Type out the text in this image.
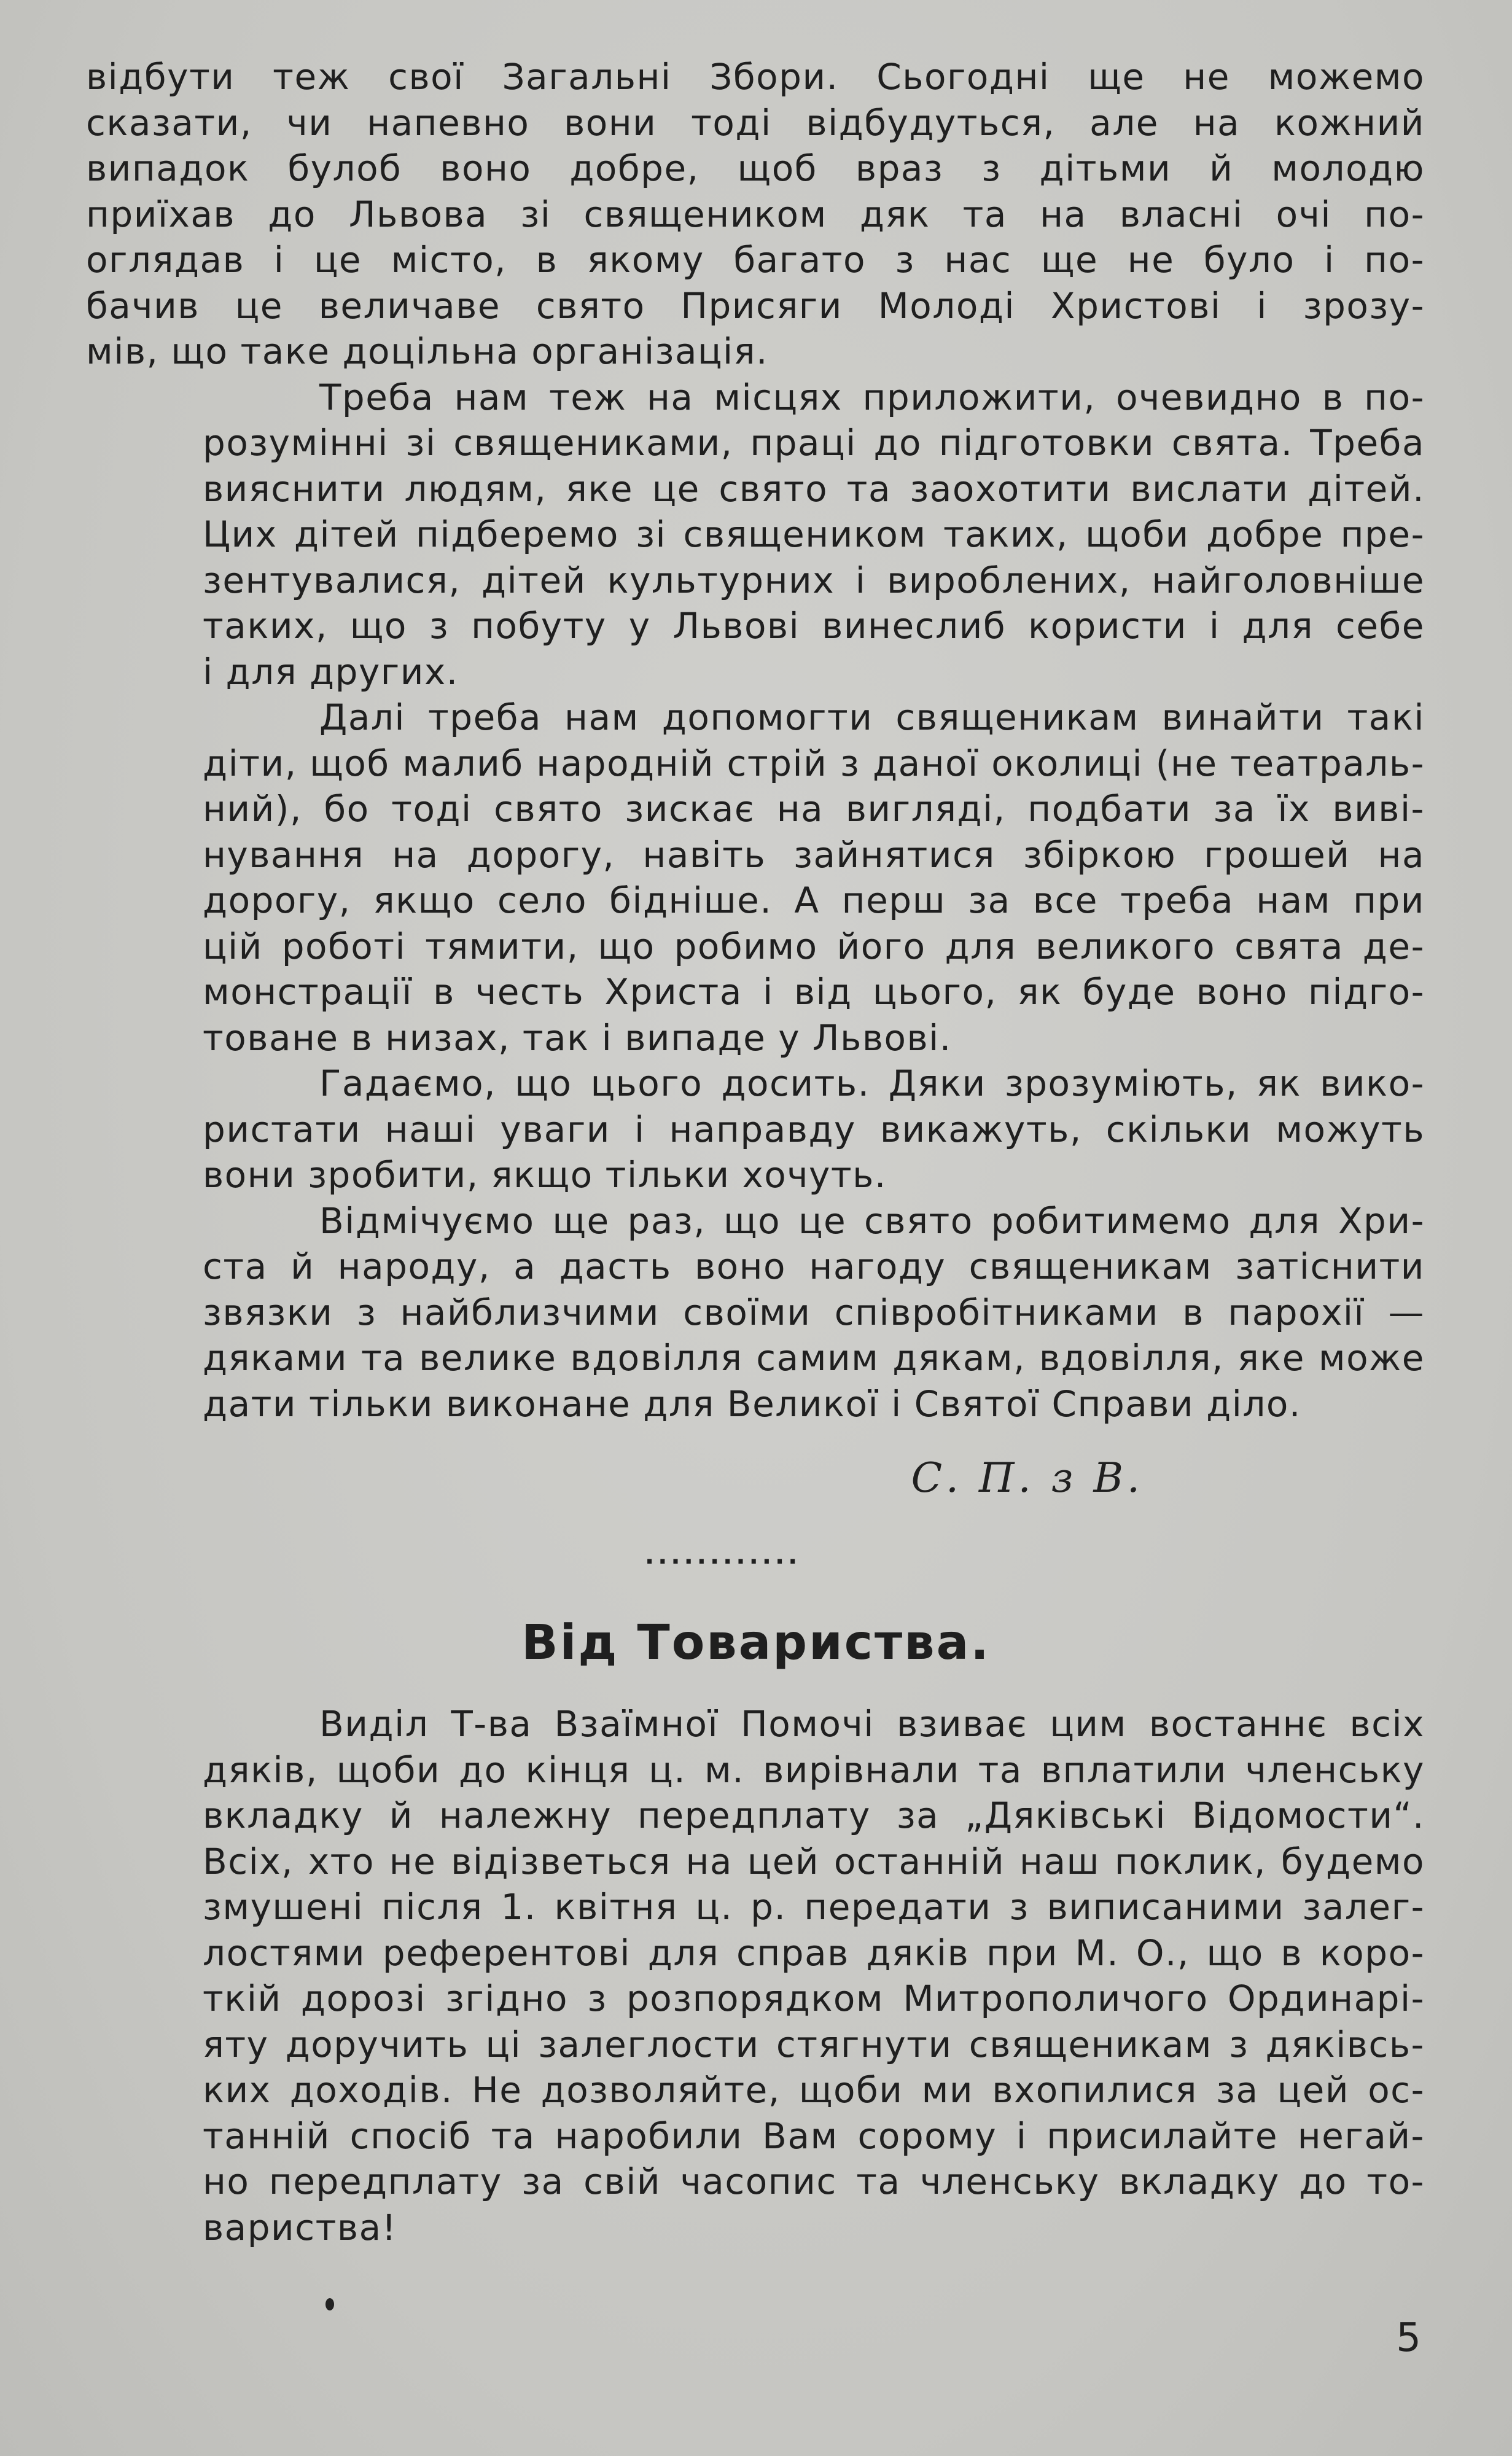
відбути теж свої Загальні Збори. Сьогодні ще не можемо
сказати, чи напевно вони тоді відбудуться, але на кожний
випадок булоб воно добре, щоб враз з дітьми й молодю
приїхав до Львова зі священиком дяк та на власні очі по-
оглядав і це місто, в якому багато з нас ще не було і по-
бачив це величаве свято Присяги Молоді Христові і зрозу-
мів, що таке доцільна організація.

Треба нам теж на місцях приложити, очевидно в по-
розумінні зі священиками, праці до підготовки свята. Треба
вияснити людям, яке це свято та заохотити вислати дітей.
Цих дітей підберемо зі священиком таких, щоби добре пре-
зентувалися, дітей культурних і вироблених, найголовніше
таких, що з побуту у Львові винеслиб користи і для себе
і для других.

Далі треба нам допомогти священикам винайти такі
діти, щоб малиб народній стрій з даної околиці (не театраль-
ний), бо тоді свято зискає на вигляді, подбати за їх виві-
нування на дорогу, навіть зайнятися збіркою грошей на
дорогу, якщо село бідніше. А перш за все треба нам при
цій роботі тямити, що робимо його для великого свята де-
монстрації в честь Христа і від цього, як буде воно підго-
товане в низах, так і випаде у Львові.

Гадаємо, що цього досить. Дяки зрозуміють, як вико-
ристати наші уваги і направду викажуть, скільки можуть
вони зробити, якщо тільки хочуть.

Відмічуємо ще раз, що це свято робитимемо для Хри-
ста й народу, а дасть воно нагоду священикам затіснити
звязки з найблизчими своїми співробітниками в парохії —
дяками та велике вдовілля самим дякам, вдовілля, яке може
дати тільки виконане для Великої і Святої Справи діло.

С. П. з В.
............
Від Товариства.

Виділ Т-ва Взаїмної Помочі взиває цим востаннє всіх
дяків, щоби до кінця ц. м. вирівнали та вплатили членську
вкладку й належну передплату за „Дяківські Відомости“.
Всіх, хто не відізветься на цей останній наш поклик, будемо
змушені після 1. квітня ц. р. передати з виписаними залег-
лостями референтові для справ дяків при М. О., що в коро-
ткій дорозі згідно з розпорядком Митрополичого Ординарі-
яту доручить ці залеглости стягнути священикам з дяківсь-
ких доходів. Не дозволяйте, щоби ми вхопилися за цей ос-
танній спосіб та наробили Вам сорому і присилайте негай-
но передплату за свій часопис та членську вкладку до то-
вариства!

5
